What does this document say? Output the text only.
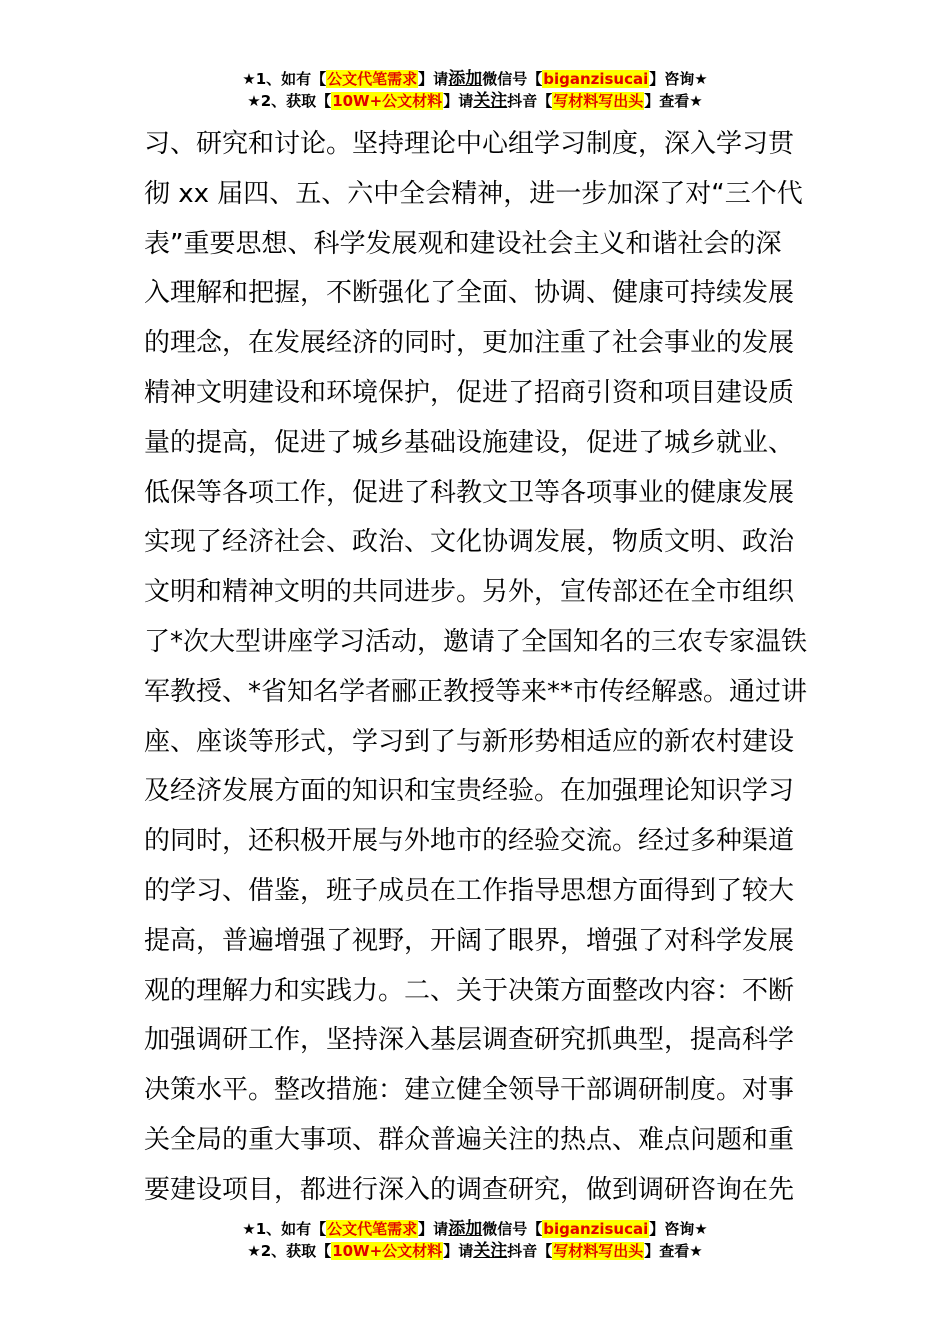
★1、如有【公文代笔需求】请添加微信号【biganzisucai】咨询★
★2、获取【10W+公文材料】请关注抖音【写材料写出头】查看★
习、研究和讨论。坚持理论中心组学习制度，深入学习贯
彻 xx 届四、五、六中全会精神，进一步加深了对“三个代
表”重要思想、科学发展观和建设社会主义和谐社会的深
入理解和把握，不断强化了全面、协调、健康可持续发展
的理念，在发展经济的同时，更加注重了社会事业的发展
精神文明建设和环境保护，促进了招商引资和项目建设质
量的提高，促进了城乡基础设施建设，促进了城乡就业、
低保等各项工作，促进了科教文卫等各项事业的健康发展
实现了经济社会、政治、文化协调发展，物质文明、政治
文明和精神文明的共同进步。另外，宣传部还在全市组织
了*次大型讲座学习活动，邀请了全国知名的三农专家温铁
军教授、*省知名学者郦正教授等来**市传经解惑。通过讲
座、座谈等形式，学习到了与新形势相适应的新农村建设
及经济发展方面的知识和宝贵经验。在加强理论知识学习
的同时，还积极开展与外地市的经验交流。经过多种渠道
的学习、借鉴，班子成员在工作指导思想方面得到了较大
提高，普遍增强了视野，开阔了眼界，增强了对科学发展
观的理解力和实践力。二、关于决策方面整改内容：不断
加强调研工作，坚持深入基层调查研究抓典型，提高科学
决策水平。整改措施：建立健全领导干部调研制度。对事
关全局的重大事项、群众普遍关注的热点、难点问题和重
要建设项目，都进行深入的调查研究，做到调研咨询在先
★1、如有【公文代笔需求】请添加微信号【biganzisucai】咨询★
★2、获取【10W+公文材料】请关注抖音【写材料写出头】查看★
